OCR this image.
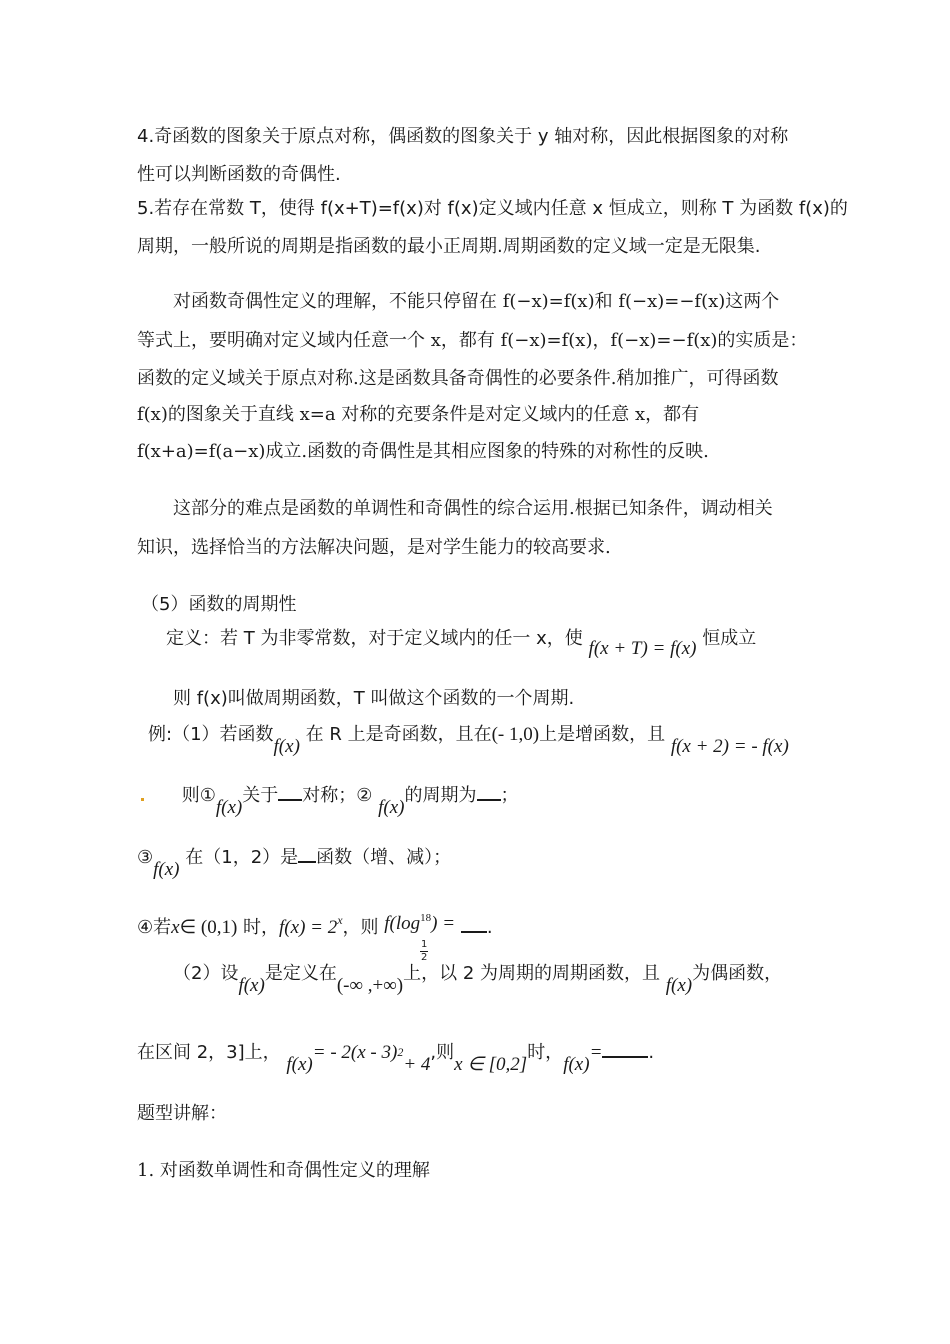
4.奇函数的图象关于原点对称，偶函数的图象关于 y 轴对称，因此根据图象的对称
性可以判断函数的奇偶性.
5.若存在常数 T，使得 f(x+T)=f(x)对 f(x)定义域内任意 x 恒成立，则称 T 为函数 f(x)的
周期，一般所说的周期是指函数的最小正周期.周期函数的定义域一定是无限集.
对函数奇偶性定义的理解，不能只停留在 f(−x)=f(x)和 f(−x)=−f(x)这两个
等式上，要明确对定义域内任意一个 x，都有 f(−x)=f(x)，f(−x)=−f(x)的实质是：
函数的定义域关于原点对称.这是函数具备奇偶性的必要条件.稍加推广，可得函数
f(x)的图象关于直线 x=a 对称的充要条件是对定义域内的任意 x，都有
f(x+a)=f(a−x)成立.函数的奇偶性是其相应图象的特殊的对称性的反映.
这部分的难点是函数的单调性和奇偶性的综合运用.根据已知条件，调动相关
知识，选择恰当的方法解决问题，是对学生能力的较高要求.
（5）函数的周期性
定义：若 T 为非零常数，对于定义域内的任一 x，使 f(x + T) = f(x) 恒成立
则 f(x)叫做周期函数，T 叫做这个函数的一个周期.
例:（1）若函数f(x) 在 R 上是奇函数，且在(- 1,0)上是增函数，且 f(x + 2) = - f(x)
则①f(x)关于 对称；② f(x)的周期为 ；
③f(x) 在（1，2）是 函数（增、减）；
④若x∈ (0,1) 时，$f(x) = 2^x$，则 f(log
$\frac{1}{2}$
$^{18}$) = .
（2）设f(x)是定义在(-∞ ,+∞)上，以 2 为周期的周期函数，且 f(x)为偶函数，
在区间 2，3]上， f(x)= - 2(x - 3)2+ 4,则x ∈ [0,2]时，f(x)=	.
题型讲解：
1. 对函数单调性和奇偶性定义的理解
